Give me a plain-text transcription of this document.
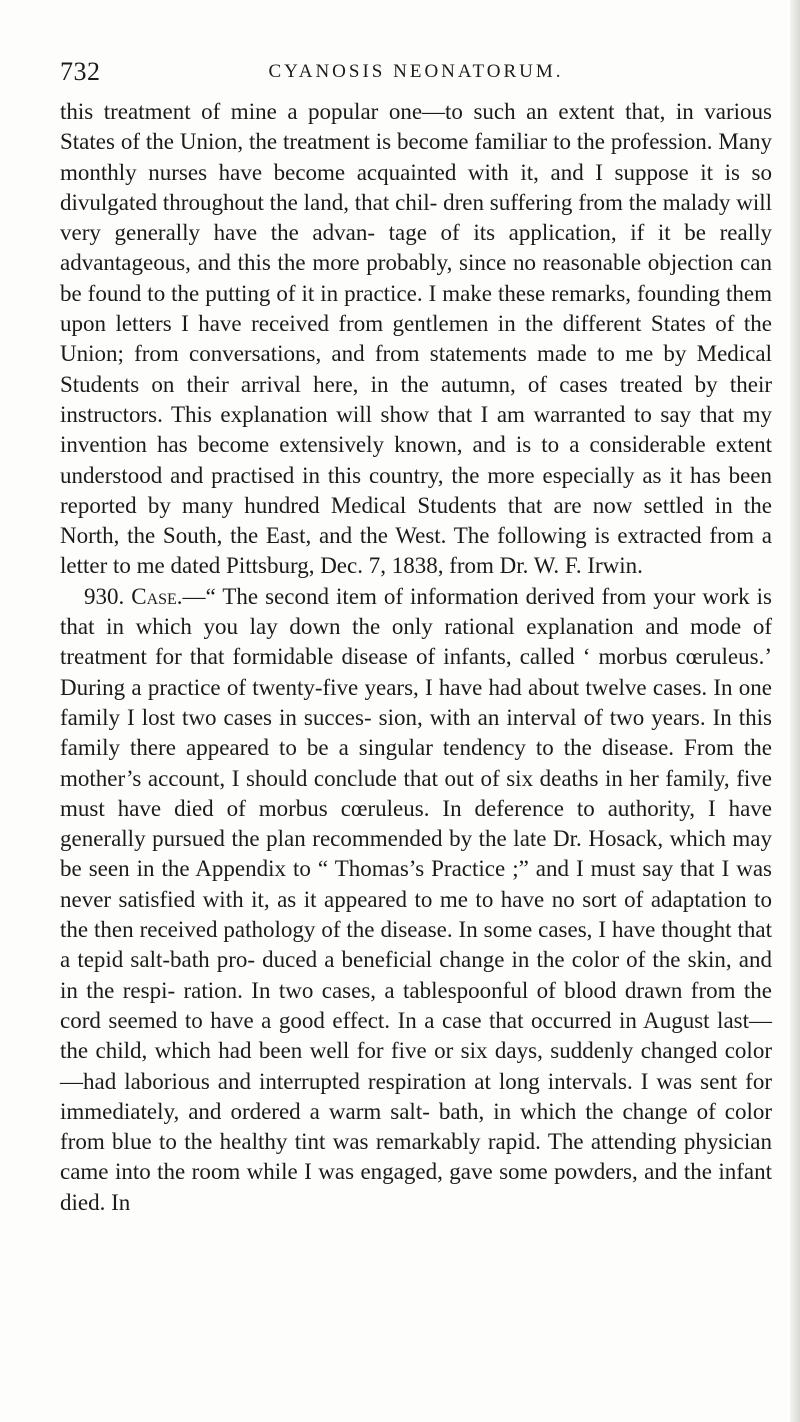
732	CYANOSIS NEONATORUM.

this treatment of mine a popular one—to such an extent that, in various States of the Union, the treatment is become familiar to the profession. Many monthly nurses have become acquainted with it, and I suppose it is so divulgated throughout the land, that chil- dren suffering from the malady will very generally have the advan- tage of its application, if it be really advantageous, and this the more probably, since no reasonable objection can be found to the putting of it in practice. I make these remarks, founding them upon letters I have received from gentlemen in the different States of the Union; from conversations, and from statements made to me by Medical Students on their arrival here, in the autumn, of cases treated by their instructors. This explanation will show that I am warranted to say that my invention has become extensively known, and is to a considerable extent understood and practised in this country, the more especially as it has been reported by many hundred Medical Students that are now settled in the North, the South, the East, and the West. The following is extracted from a letter to me dated Pittsburg, Dec. 7, 1838, from Dr. W. F. Irwin.

930. Case.—“ The second item of information derived from your work is that in which you lay down the only rational explanation and mode of treatment for that formidable disease of infants, called ‘ morbus cœruleus.’ During a practice of twenty-five years, I have had about twelve cases. In one family I lost two cases in succes- sion, with an interval of two years. In this family there appeared to be a singular tendency to the disease. From the mother’s account, I should conclude that out of six deaths in her family, five must have died of morbus cœruleus. In deference to authority, I have generally pursued the plan recommended by the late Dr. Hosack, which may be seen in the Appendix to “ Thomas’s Practice ;” and I must say that I was never satisfied with it, as it appeared to me to have no sort of adaptation to the then received pathology of the disease. In some cases, I have thought that a tepid salt-bath pro- duced a beneficial change in the color of the skin, and in the respi- ration. In two cases, a tablespoonful of blood drawn from the cord seemed to have a good effect. In a case that occurred in August last—the child, which had been well for five or six days, suddenly changed color—had laborious and interrupted respiration at long intervals. I was sent for immediately, and ordered a warm salt- bath, in which the change of color from blue to the healthy tint was remarkably rapid. The attending physician came into the room while I was engaged, gave some powders, and the infant died. In
